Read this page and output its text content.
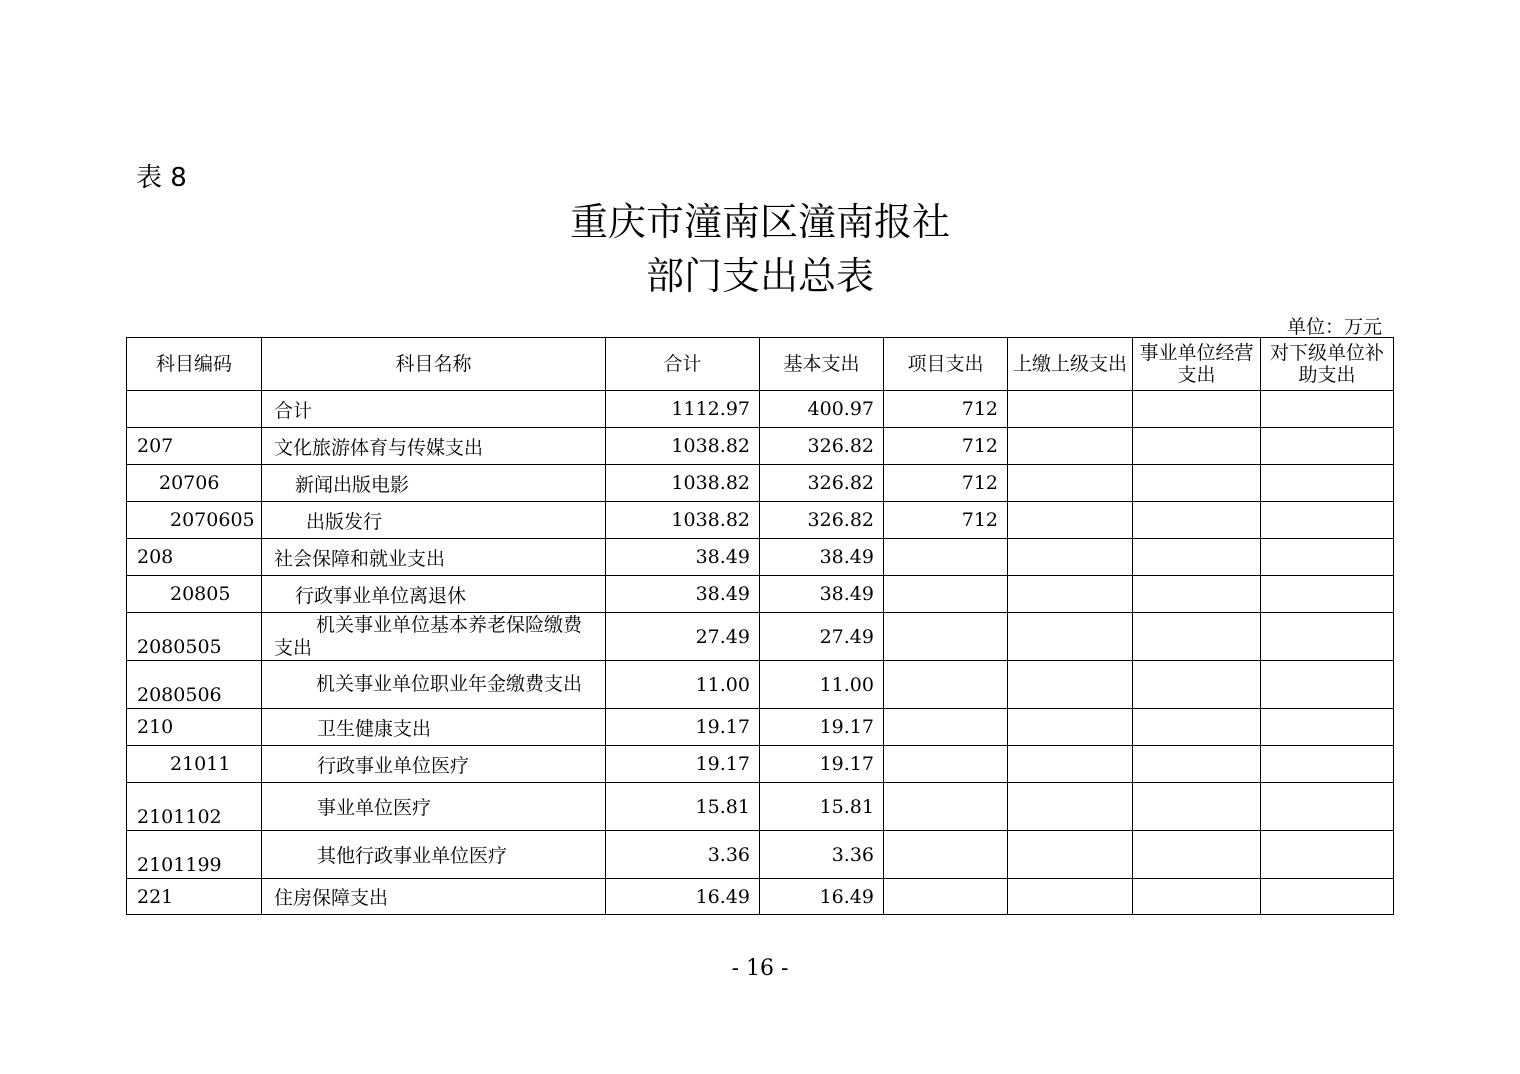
表 8
重庆市潼南区潼南报社
部门支出总表
单位：万元
科目编码	科目名称	合计	基本支出	项目支出	上缴上级支出	事业单位经营支出	对下级单位补助支出
	合计	1112.97	400.97	712			
207	文化旅游体育与传媒支出	1038.82	326.82	712			
20706	新闻出版电影	1038.82	326.82	712			
2070605	出版发行	1038.82	326.82	712			
208	社会保障和就业支出	38.49	38.49				
20805	行政事业单位离退休	38.49	38.49				
2080505	机关事业单位基本养老保险缴费支出	27.49	27.49				
2080506	机关事业单位职业年金缴费支出	11.00	11.00				
210	卫生健康支出	19.17	19.17				
21011	行政事业单位医疗	19.17	19.17				
2101102	事业单位医疗	15.81	15.81				
2101199	其他行政事业单位医疗	3.36	3.36				
221	住房保障支出	16.49	16.49				
- 16 -
